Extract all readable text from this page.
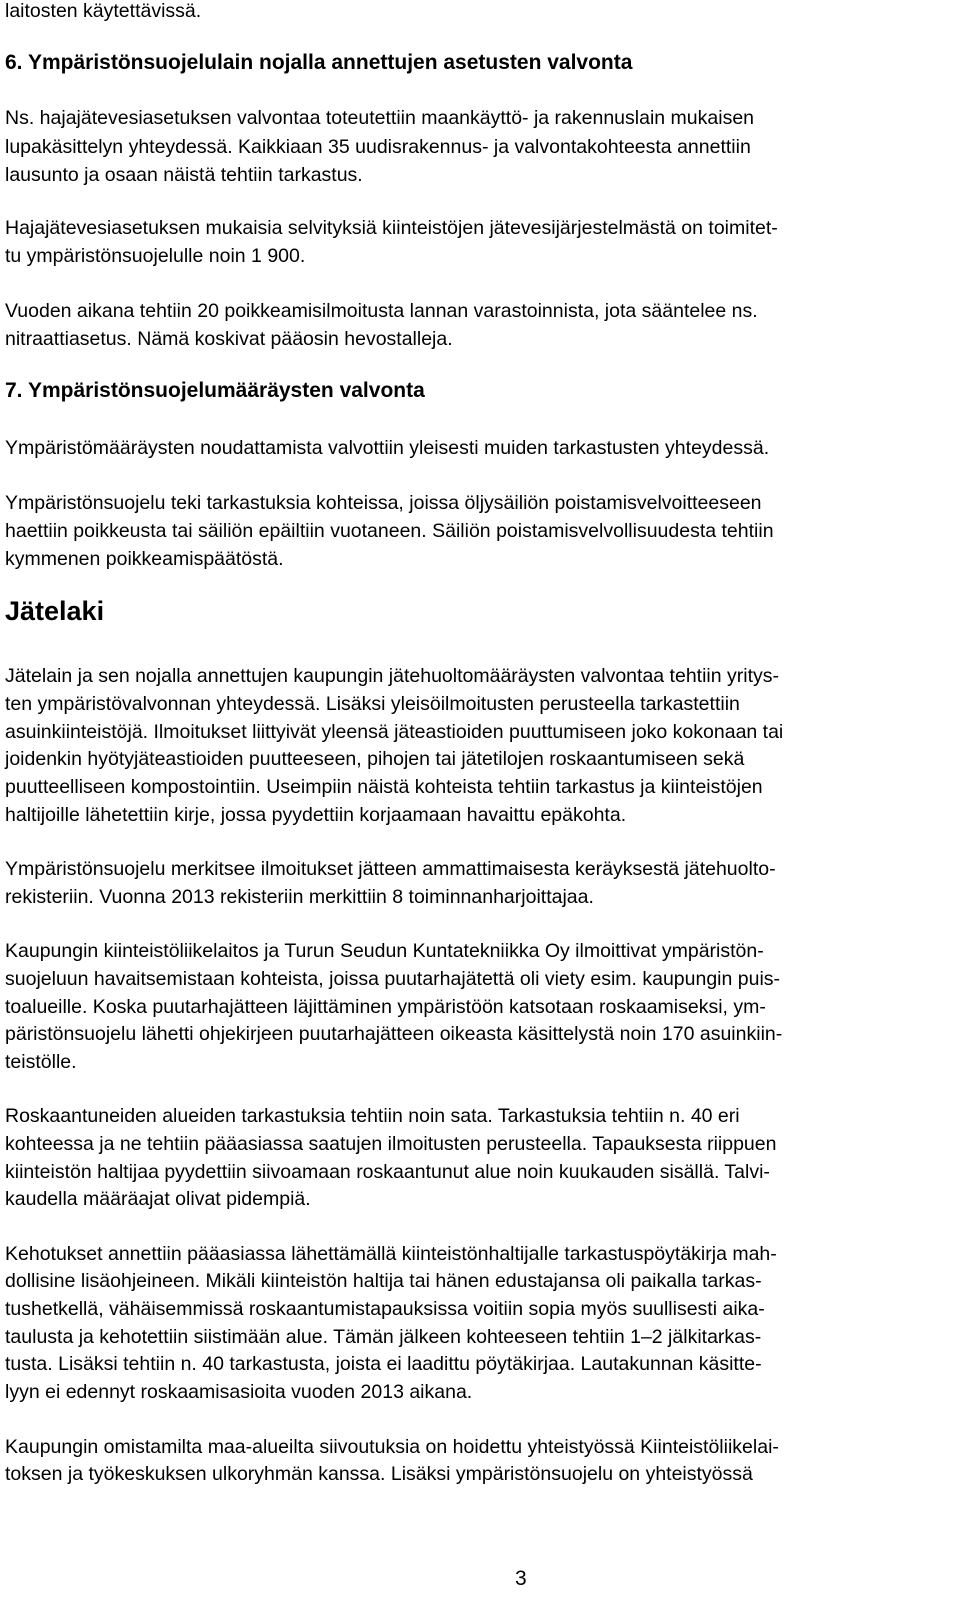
laitosten käytettävissä.
6. Ympäristönsuojelulain nojalla annettujen asetusten valvonta
Ns. hajajätevesiasetuksen valvontaa toteutettiin maankäyttö- ja rakennuslain mukaisen
lupakäsittelyn yhteydessä. Kaikkiaan 35 uudisrakennus- ja valvontakohteesta annettiin
lausunto ja osaan näistä tehtiin tarkastus.
Hajajätevesiasetuksen mukaisia selvityksiä kiinteistöjen jätevesijärjestelmästä on toimitet-
tu ympäristönsuojelulle noin 1 900.
Vuoden aikana tehtiin 20 poikkeamisilmoitusta lannan varastoinnista, jota sääntelee ns.
nitraattiasetus. Nämä koskivat pääosin hevostalleja.
7. Ympäristönsuojelumääräysten valvonta
Ympäristömääräysten noudattamista valvottiin yleisesti muiden tarkastusten yhteydessä.
Ympäristönsuojelu teki tarkastuksia kohteissa, joissa öljysäiliön poistamisvelvoitteeseen
haettiin poikkeusta tai säiliön epäiltiin vuotaneen. Säiliön poistamisvelvollisuudesta tehtiin
kymmenen poikkeamispäätöstä.
Jätelaki
Jätelain ja sen nojalla annettujen kaupungin jätehuoltomääräysten valvontaa tehtiin yritys-
ten ympäristövalvonnan yhteydessä. Lisäksi yleisöilmoitusten perusteella tarkastettiin
asuinkiinteistöjä. Ilmoitukset liittyivät yleensä jäteastioiden puuttumiseen joko kokonaan tai
joidenkin hyötyjäteastioiden puutteeseen, pihojen tai jätetilojen roskaantumiseen sekä
puutteelliseen kompostointiin. Useimpiin näistä kohteista tehtiin tarkastus ja kiinteistöjen
haltijoille lähetettiin kirje, jossa pyydettiin korjaamaan havaittu epäkohta.
Ympäristönsuojelu merkitsee ilmoitukset jätteen ammattimaisesta keräyksestä jätehuolto-
rekisteriin. Vuonna 2013 rekisteriin merkittiin 8 toiminnanharjoittajaa.
Kaupungin kiinteistöliikelaitos ja Turun Seudun Kuntatekniikka Oy ilmoittivat ympäristön-
suojeluun havaitsemistaan kohteista, joissa puutarhajätettä oli viety esim. kaupungin puis-
toalueille. Koska puutarhajätteen läjittäminen ympäristöön katsotaan roskaamiseksi, ym-
päristönsuojelu lähetti ohjekirjeen puutarhajätteen oikeasta käsittelystä noin 170 asuinkiin-
teistölle.
Roskaantuneiden alueiden tarkastuksia tehtiin noin sata. Tarkastuksia tehtiin n. 40 eri
kohteessa ja ne tehtiin pääasiassa saatujen ilmoitusten perusteella. Tapauksesta riippuen
kiinteistön haltijaa pyydettiin siivoamaan roskaantunut alue noin kuukauden sisällä. Talvi-
kaudella määräajat olivat pidempiä.
Kehotukset annettiin pääasiassa lähettämällä kiinteistönhaltijalle tarkastuspöytäkirja mah-
dollisine lisäohjeineen. Mikäli kiinteistön haltija tai hänen edustajansa oli paikalla tarkas-
tushetkellä, vähäisemmissä roskaantumistapauksissa voitiin sopia myös suullisesti aika-
taulusta ja kehotettiin siistimään alue. Tämän jälkeen kohteeseen tehtiin 1–2 jälkitarkas-
tusta. Lisäksi tehtiin n. 40 tarkastusta, joista ei laadittu pöytäkirjaa. Lautakunnan käsitte-
lyyn ei edennyt roskaamisasioita vuoden 2013 aikana.
Kaupungin omistamilta maa-alueilta siivoutuksia on hoidettu yhteistyössä Kiinteistöliikelai-
toksen ja työkeskuksen ulkoryhmän kanssa. Lisäksi ympäristönsuojelu on yhteistyössä
3
